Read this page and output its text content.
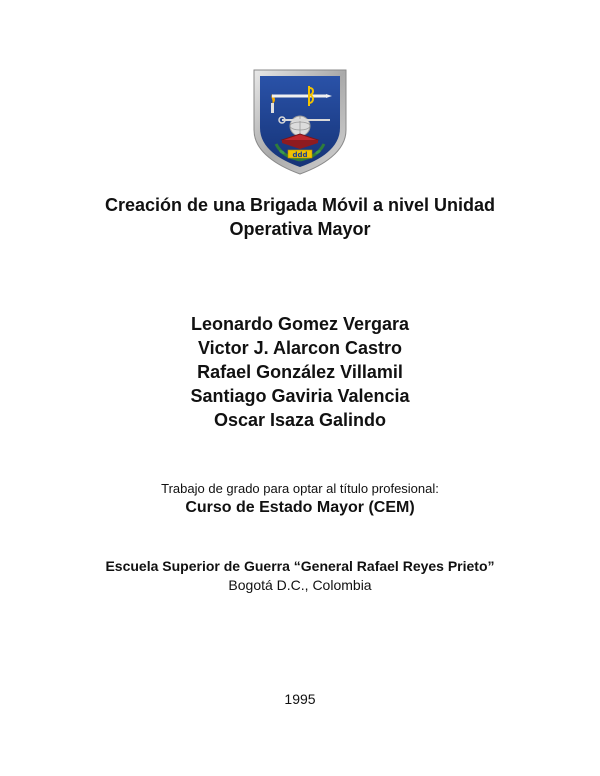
ddd
Creación de una Brigada Móvil a nivel Unidad
Operativa Mayor
Leonardo Gomez Vergara
Victor J. Alarcon Castro
Rafael González Villamil
Santiago Gaviria Valencia
Oscar Isaza Galindo
Trabajo de grado para optar al título profesional:
Curso de Estado Mayor (CEM)
Escuela Superior de Guerra “General Rafael Reyes Prieto”
Bogotá D.C., Colombia
1995
